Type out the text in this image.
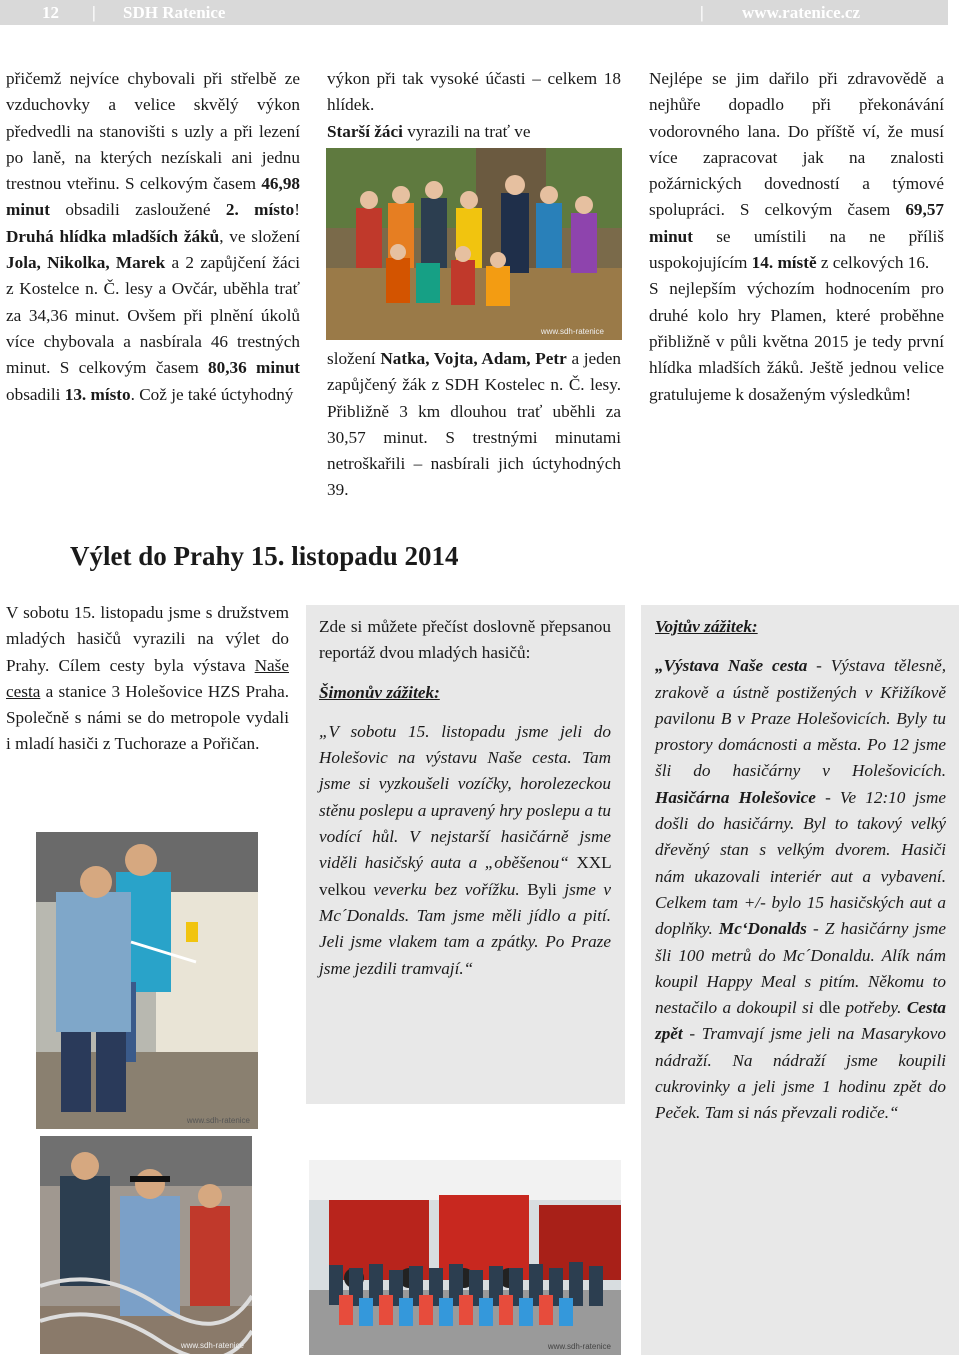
12 | SDH Ratenice	| www.ratenice.cz

přičemž nejvíce chybovali při střelbě ze vzduchovky a velice skvělý výkon předvedli na stanovišti s uzly a při lezení po laně, na kterých nezískali ani jednu trestnou vteřinu. S celkovým časem 46,98 minut obsadili zasloužené 2. místo! Druhá hlídka mladších žáků, ve složení Jola, Nikolka, Marek a 2 zapůjčení žáci z Kostelce n. Č. lesy a Ovčár, uběhla trať za 34,36 minut. Ovšem při plnění úkolů více chybovala a nasbírala 46 trestných minut. S celkovým časem 80,36 minut obsadili 13. místo. Což je také úctyhodný

výkon při tak vysoké účasti – celkem 18 hlídek.
Starší žáci vyrazili na trať ve

www.sdh-ratenice

složení Natka, Vojta, Adam, Petr a jeden zapůjčený žák z SDH Kostelec n. Č. lesy. Přibližně 3 km dlouhou trať uběhli za 30,57 minut. S trestnými minutami netroškařili – nasbírali jich úctyhodných 39.

Nejlépe se jim dařilo při zdravovědě a nejhůře dopadlo při překonávání vodorovného lana. Do příště ví, že musí více zapracovat jak na znalosti požárnických dovedností a týmové spolupráci. S celkovým časem 69,57 minut se umístili na ne příliš uspokojujícím 14. místě z celkových 16.

S nejlepším výchozím hodnocením pro druhé kolo hry Plamen, které proběhne přibližně v půli května 2015 je tedy první hlídka mladších žáků. Ještě jednou velice gratulujeme k dosaženým výsledkům!

Výlet do Prahy 15. listopadu 2014

V sobotu 15. listopadu jsme s družstvem mladých hasičů vyrazili na výlet do Prahy. Cílem cesty byla výstava Naše cesta a stanice 3 Holešovice HZS Praha. Společně s námi se do metropole vydali i mladí hasiči z Tuchoraze a Pořičan.

www.sdh-ratenice
www.sdh-ratenice

Zde si můžete přečíst doslovně přepsanou reportáž dvou mladých hasičů:

Šimonův zážitek:

„V sobotu 15. listopadu jsme jeli do Holešovic na výstavu Naše cesta. Tam jsme si vyzkoušeli vozíčky, horolezeckou stěnu poslepu a upravený hry poslepu a tu vodící hůl. V nejstarší hasičárně jsme viděli hasičský auta a „oběšenou“ XXL velkou veverku bez vořížku. Byli jsme v Mc´Donalds. Tam jsme měli jídlo a pití. Jeli jsme vlakem tam a zpátky. Po Praze jsme jezdili tramvají.“

www.sdh-ratenice

Vojtův zážitek:

„Výstava Naše cesta - Výstava tělesně, zrakově a ústně postižených v Křižíkově pavilonu B v Praze Holešovicích. Byly tu prostory domácnosti a města. Po 12 jsme šli do hasičárny v Holešovicích. Hasičárna Holešovice - Ve 12:10 jsme došli do hasičárny. Byl to takový velký dřevěný stan s velkým dvorem. Hasiči nám ukazovali interiér aut a vybavení. Celkem tam +/- bylo 15 hasičských aut a doplňky. Mc‘Donalds - Z hasičárny jsme šli 100 metrů do Mc´Donaldu. Alík nám koupil Happy Meal s pitím. Někomu to nestačilo a dokoupil si dle potřeby. Cesta zpět - Tramvají jsme jeli na Masarykovo nádraží. Na nádraží jsme koupili cukrovinky a jeli jsme 1 hodinu zpět do Peček. Tam si nás převzali rodiče.“
